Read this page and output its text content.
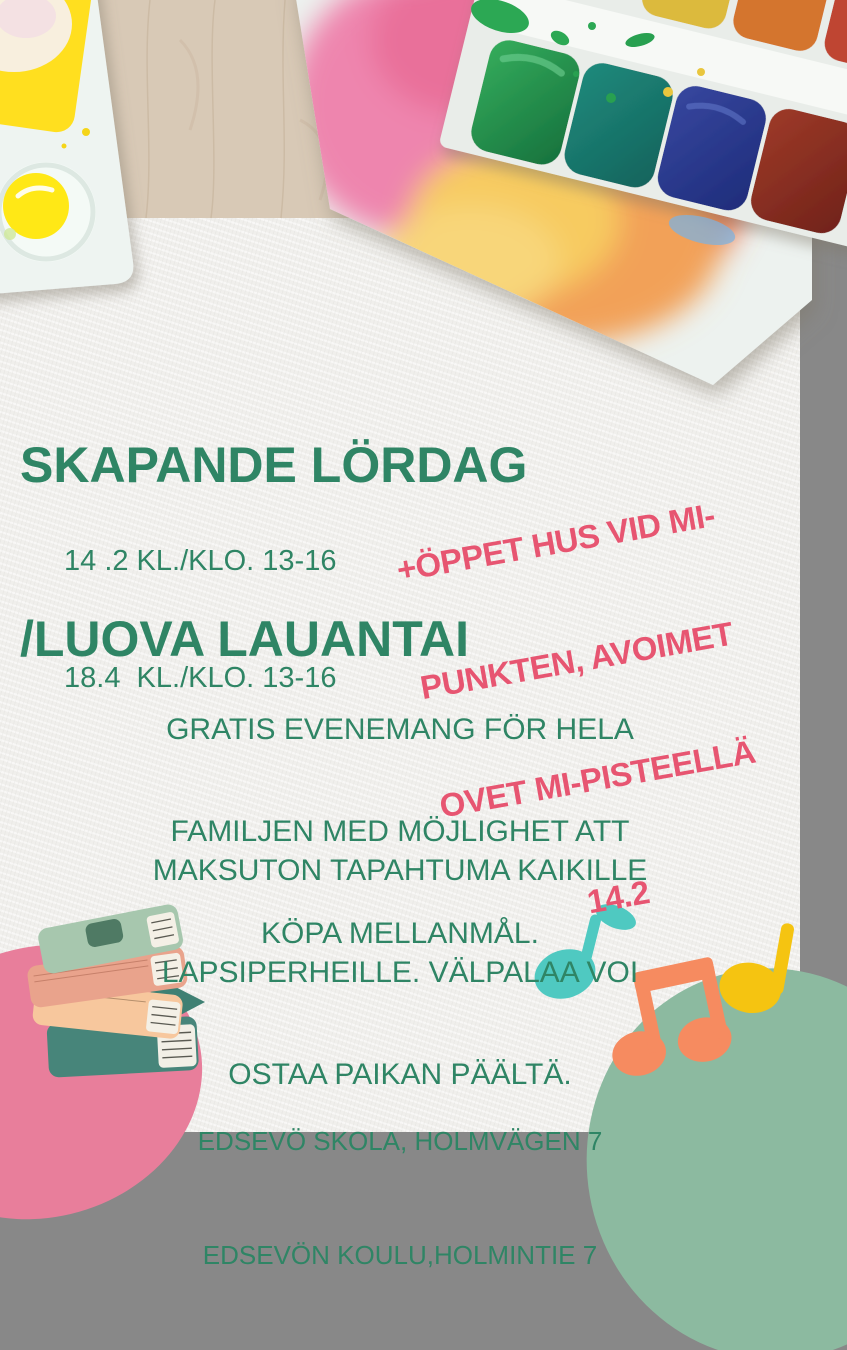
SKAPANDE LÖRDAG

/LUOVA LAUANTAI

14 .2 KL./KLO. 13-16

18.4  KL./KLO. 13-16

+ÖPPET HUS VID MI-

PUNKTEN, AVOIMET

OVET MI-PISTEELLÄ

14.2

GRATIS EVENEMANG FÖR HELA

FAMILJEN MED MÖJLIGHET ATT

KÖPA MELLANMÅL.

MAKSUTON TAPAHTUMA KAIKILLE

LAPSIPERHEILLE. VÄLPALAA VOI

OSTAA PAIKAN PÄÄLTÄ.

EDSEVÖ SKOLA, HOLMVÄGEN 7

EDSEVÖN KOULU,HOLMINTIE 7
